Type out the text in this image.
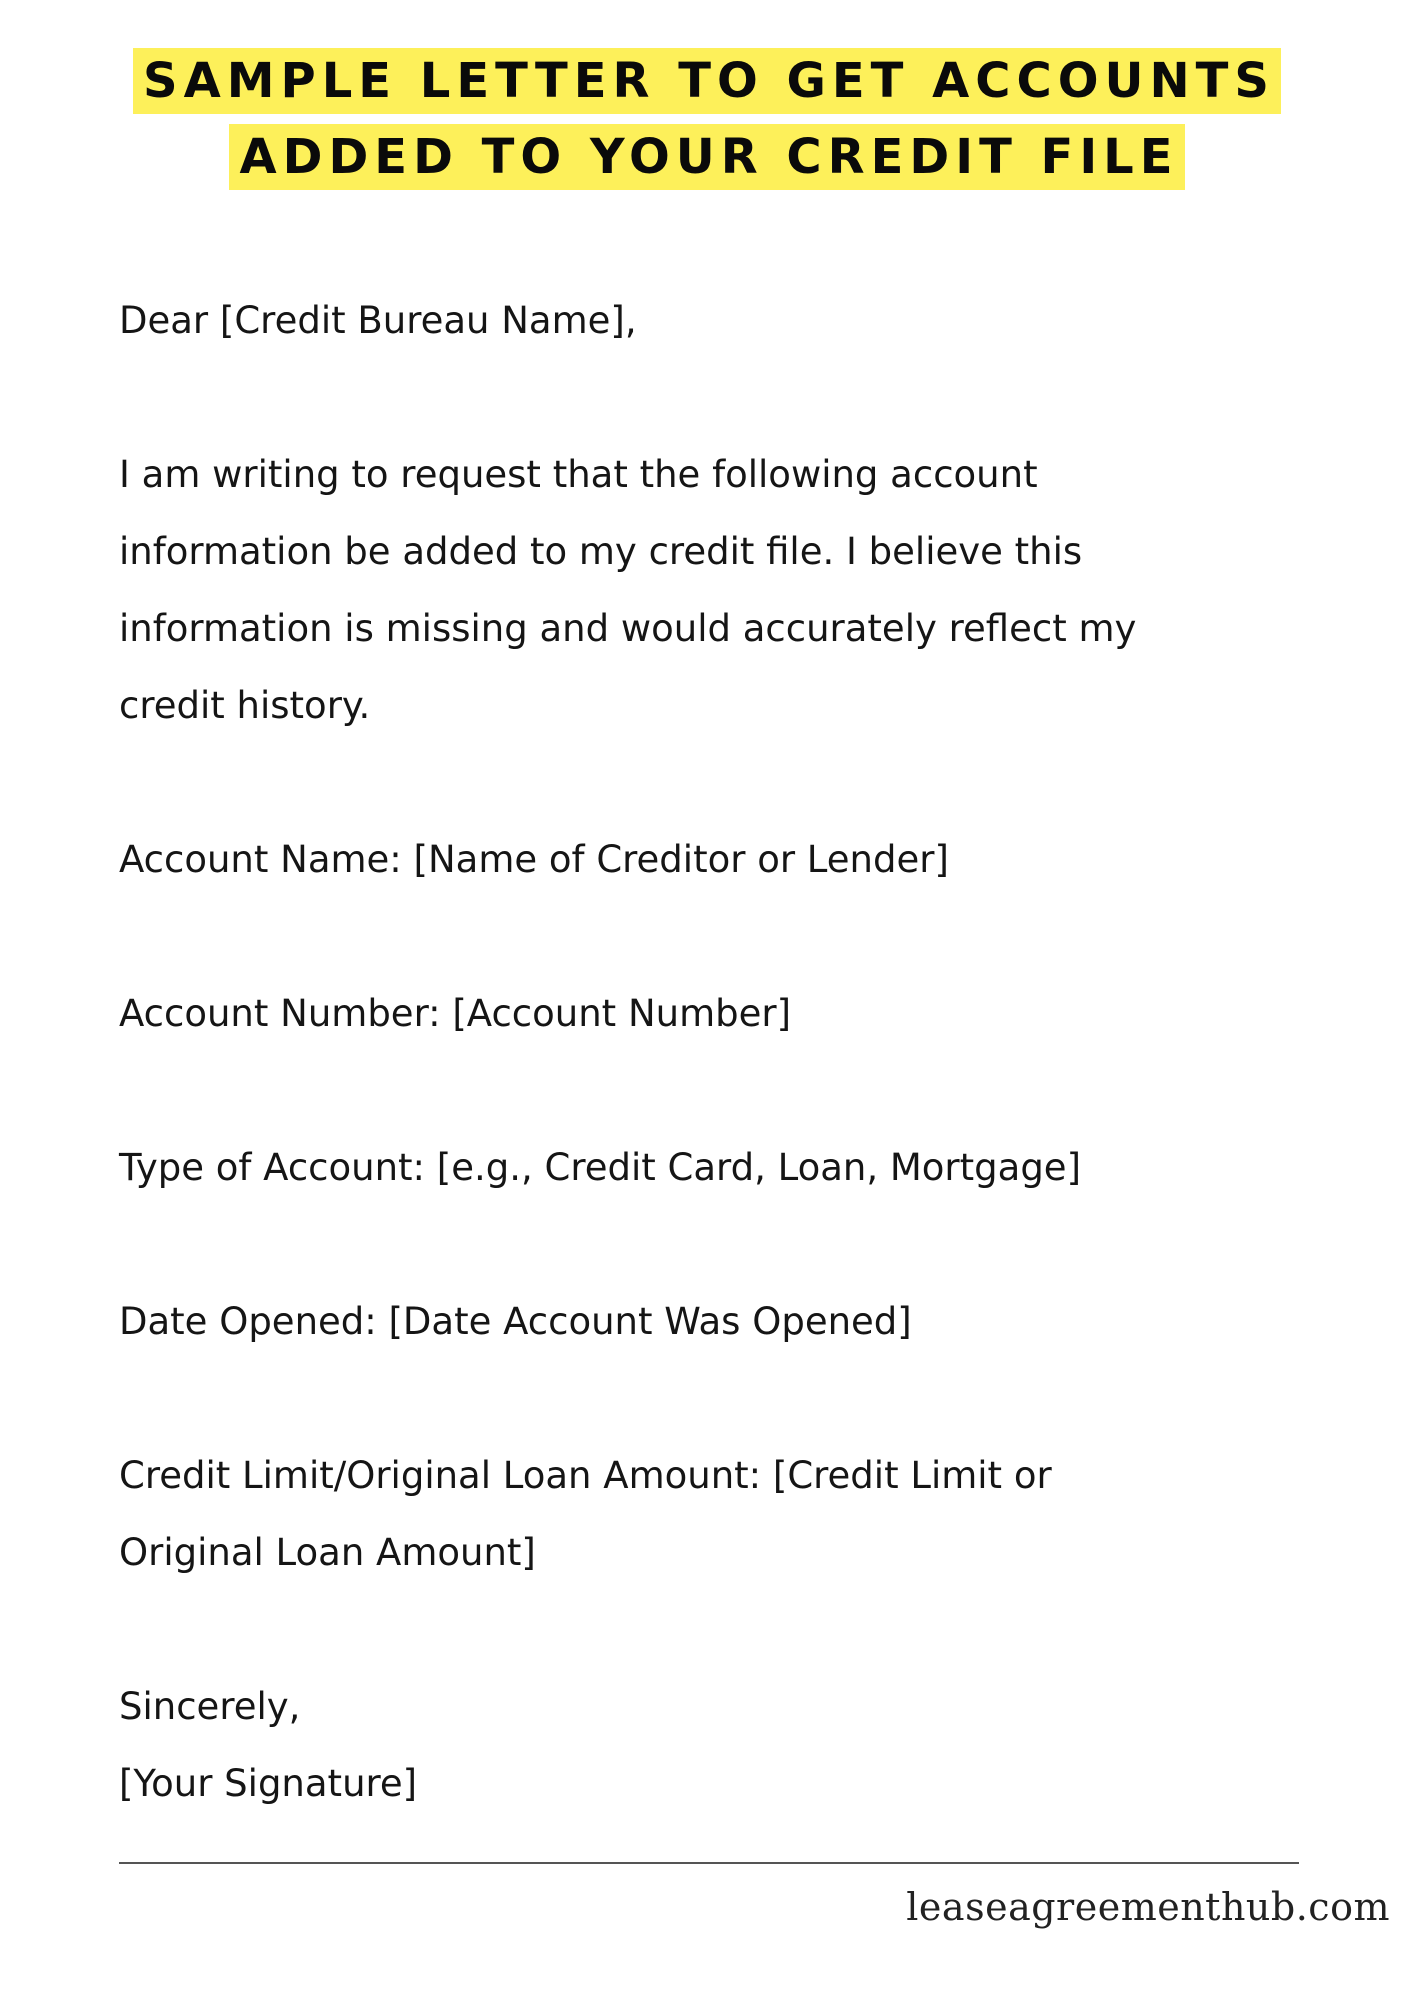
SAMPLE LETTER TO GET ACCOUNTS
ADDED TO YOUR CREDIT FILE

Dear [Credit Bureau Name],

I am writing to request that the following account

information be added to my credit file. I believe this

information is missing and would accurately reflect my

credit history.

Account Name: [Name of Creditor or Lender]

Account Number: [Account Number]

Type of Account: [e.g., Credit Card, Loan, Mortgage]

Date Opened: [Date Account Was Opened]

Credit Limit/Original Loan Amount: [Credit Limit or

Original Loan Amount]

Sincerely,

[Your Signature]

leaseagreementhub.com
